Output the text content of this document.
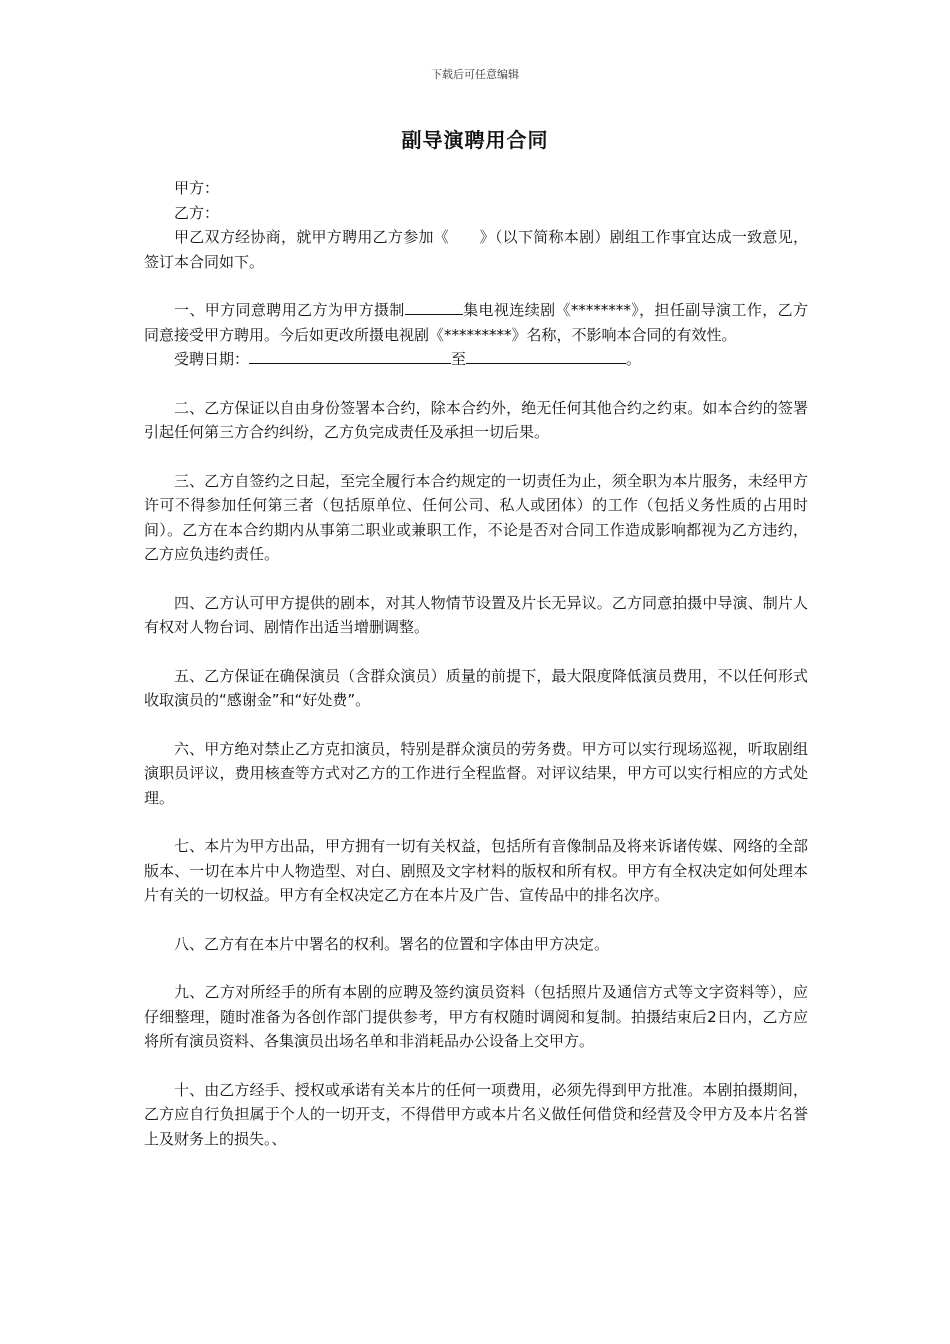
下载后可任意编辑
副导演聘用合同

甲方：

乙方：

甲乙双方经协商，就甲方聘用乙方参加《　　》（以下简称本剧）剧组工作事宜达成一致意见，签订本合同如下。

一、甲方同意聘用乙方为甲方摄制	集电视连续剧《********》，担任副导演工作，乙方同意接受甲方聘用。今后如更改所摄电视剧《*********》名称，不影响本合同的有效性。

受聘日期：	至	。

二、乙方保证以自由身份签署本合约，除本合约外，绝无任何其他合约之约束。如本合约的签署引起任何第三方合约纠纷，乙方负完成责任及承担一切后果。

三、乙方自签约之日起，至完全履行本合约规定的一切责任为止，须全职为本片服务，未经甲方许可不得参加任何第三者（包括原单位、任何公司、私人或团体）的工作（包括义务性质的占用时间）。乙方在本合约期内从事第二职业或兼职工作，不论是否对合同工作造成影响都视为乙方违约，乙方应负违约责任。

四、乙方认可甲方提供的剧本，对其人物情节设置及片长无异议。乙方同意拍摄中导演、制片人有权对人物台词、剧情作出适当增删调整。

五、乙方保证在确保演员（含群众演员）质量的前提下，最大限度降低演员费用，不以任何形式收取演员的“感谢金”和“好处费”。

六、甲方绝对禁止乙方克扣演员，特别是群众演员的劳务费。甲方可以实行现场巡视，听取剧组演职员评议，费用核查等方式对乙方的工作进行全程监督。对评议结果，甲方可以实行相应的方式处理。

七、本片为甲方出品，甲方拥有一切有关权益，包括所有音像制品及将来诉诸传媒、网络的全部版本、一切在本片中人物造型、对白、剧照及文字材料的版权和所有权。甲方有全权决定如何处理本片有关的一切权益。甲方有全权决定乙方在本片及广告、宣传品中的排名次序。

八、乙方有在本片中署名的权利。署名的位置和字体由甲方决定。

九、乙方对所经手的所有本剧的应聘及签约演员资料（包括照片及通信方式等文字资料等），应仔细整理，随时准备为各创作部门提供参考，甲方有权随时调阅和复制。拍摄结束后2日内，乙方应将所有演员资料、各集演员出场名单和非消耗品办公设备上交甲方。

十、由乙方经手、授权或承诺有关本片的任何一项费用，必须先得到甲方批准。本剧拍摄期间，乙方应自行负担属于个人的一切开支，不得借甲方或本片名义做任何借贷和经营及令甲方及本片名誉上及财务上的损失。、
